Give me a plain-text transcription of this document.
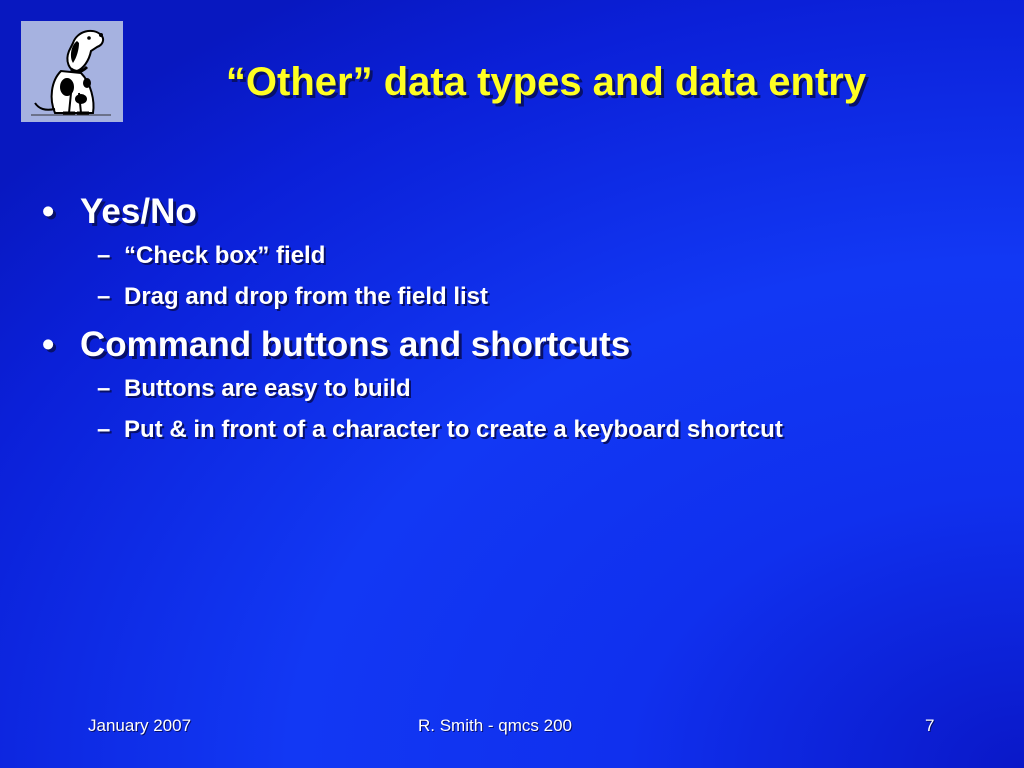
“Other” data types and data entry
• Yes/No
– “Check box” field
– Drag and drop from the field list
• Command buttons and shortcuts
– Buttons are easy to build
– Put & in front of a character to create a keyboard shortcut
January 2007	R. Smith - qmcs 200	7
